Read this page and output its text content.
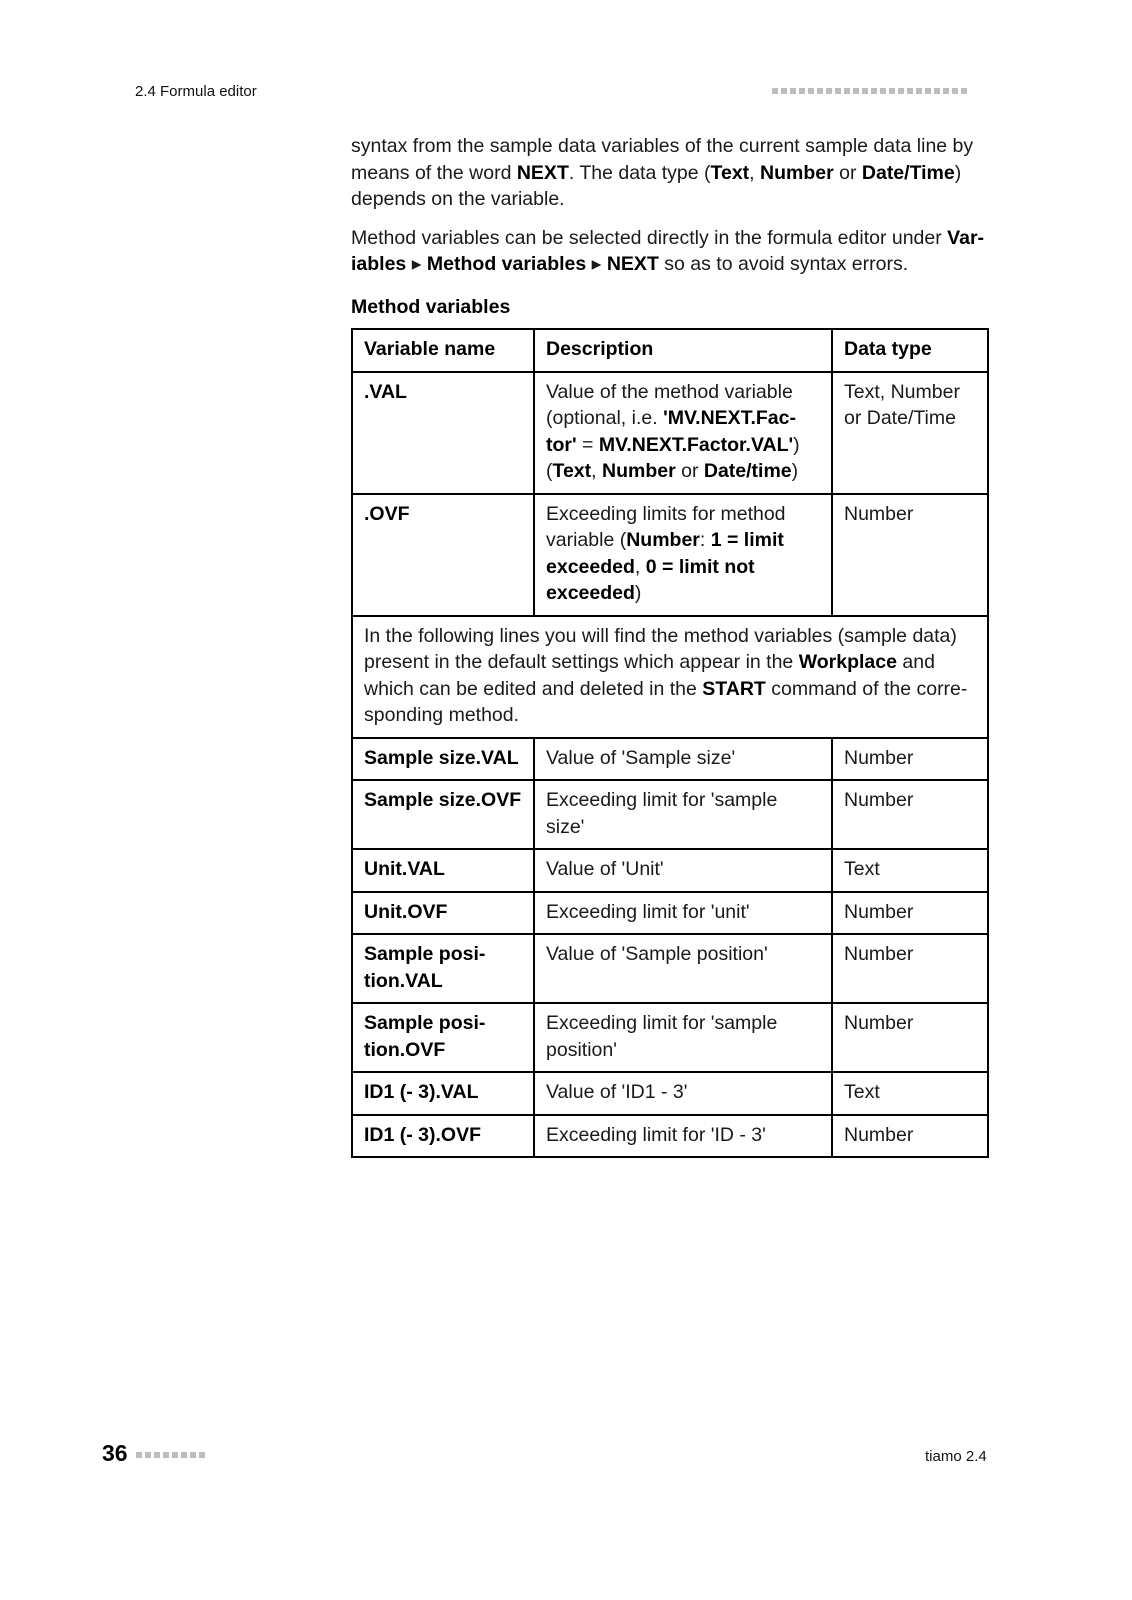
2.4 Formula editor

syntax from the sample data variables of the current sample data line by means of the word NEXT. The data type (Text, Number or Date/Time) depends on the variable.

Method variables can be selected directly in the formula editor under Variables ▸ Method variables ▸ NEXT so as to avoid syntax errors.

Method variables
Variable name	Description	Data type
.VAL	Value of the method variable (optional, i.e. 'MV.NEXT.Factor' = MV.NEXT.Factor.VAL') (Text, Number or Date/time)	Text, Number or Date/Time
.OVF	Exceeding limits for method variable (Number: 1 = limit exceeded, 0 = limit not exceeded)	Number
In the following lines you will find the method variables (sample data) present in the default settings which appear in the Workplace and which can be edited and deleted in the START command of the corresponding method.		
Sample size.VAL	Value of 'Sample size'	Number
Sample size.OVF	Exceeding limit for 'sample size'	Number
Unit.VAL	Value of 'Unit'	Text
Unit.OVF	Exceeding limit for 'unit'	Number
Sample position.VAL	Value of 'Sample position'	Number
Sample position.OVF	Exceeding limit for 'sample position'	Number
ID1 (- 3).VAL	Value of 'ID1 - 3'	Text
ID1 (- 3).OVF	Exceeding limit for 'ID - 3'	Number
36	tiamo 2.4
